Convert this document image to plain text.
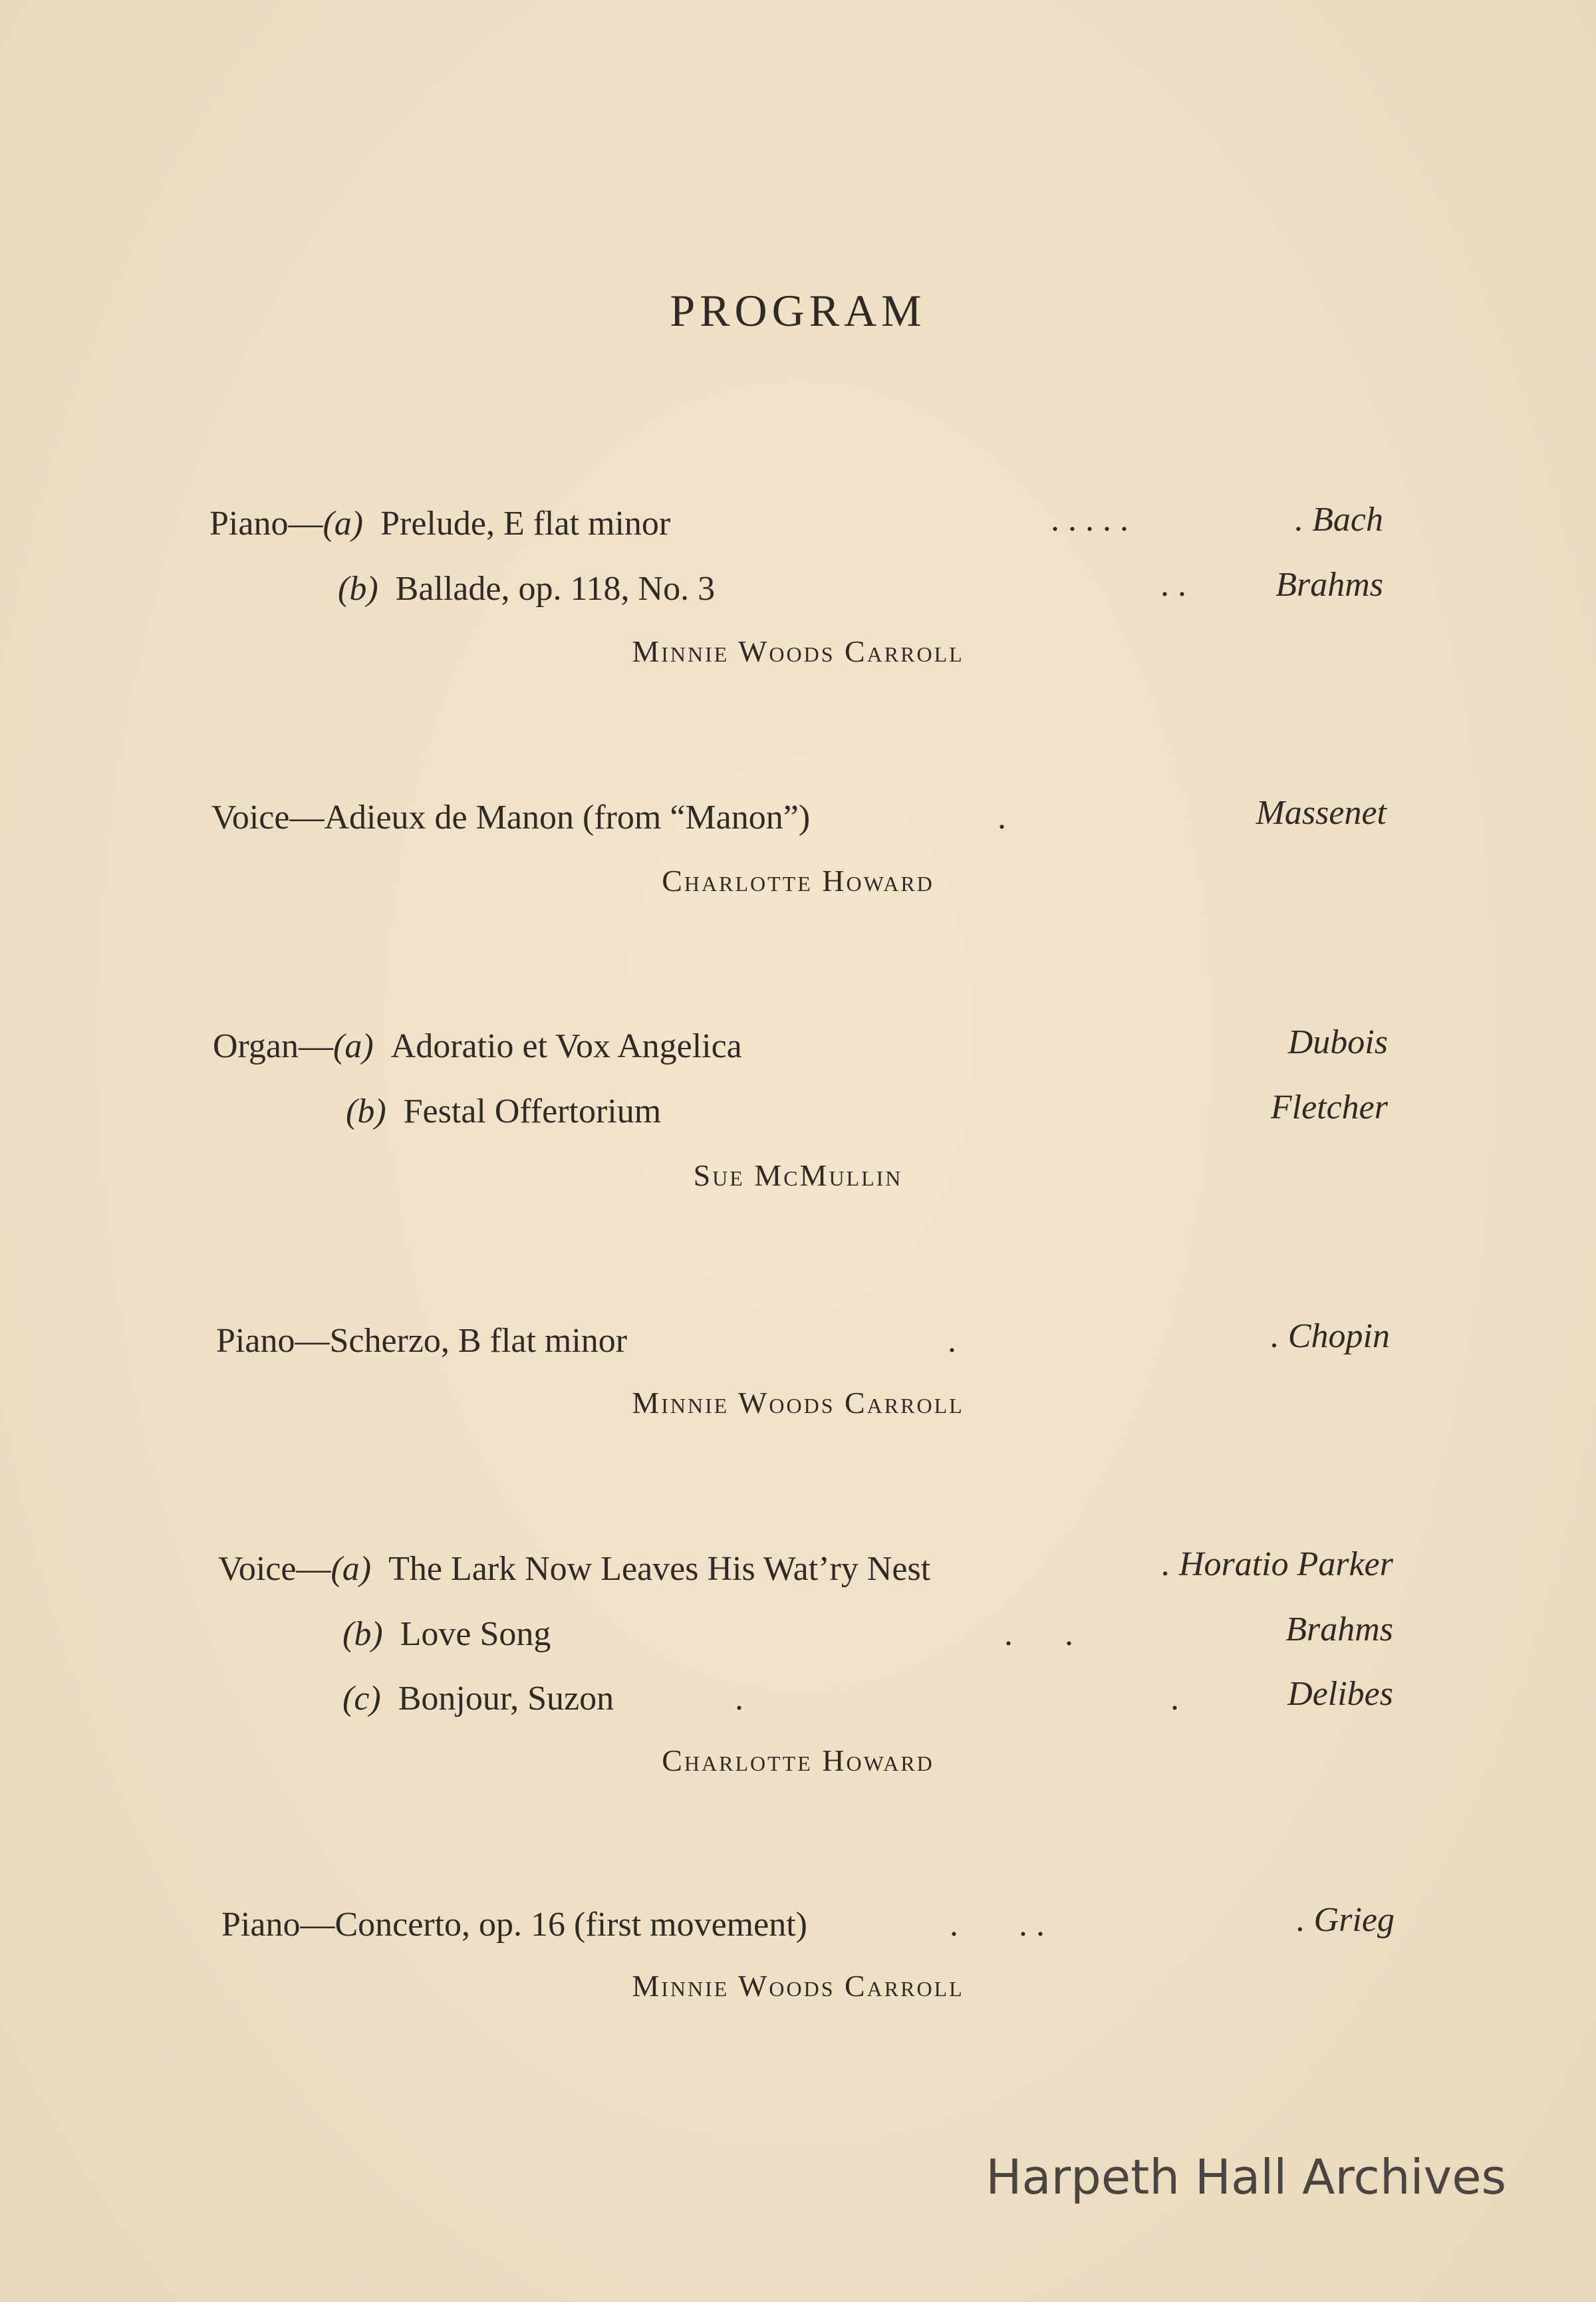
PROGRAM
Piano—(a) Prelude, E flat minor	. . . . .	. Bach
(b) Ballade, op. 118, No. 3	. .	Brahms
Minnie Woods Carroll
Voice—Adieux de Manon (from “Manon”)	.	Massenet
Charlotte Howard
Organ—(a) Adoratio et Vox Angelica	Dubois
(b) Festal Offertorium	Fletcher
Sue McMullin
Piano—Scherzo, B flat minor	.	. Chopin
Minnie Woods Carroll
Voice—(a) The Lark Now Leaves His Wat’ry Nest	. Horatio Parker
(b) Love Song	.      .	Brahms
(c) Bonjour, Suzon	.	.	Delibes
Charlotte Howard
Piano—Concerto, op. 16 (first movement)	.       . .	. Grieg
Minnie Woods Carroll
Harpeth Hall Archives
